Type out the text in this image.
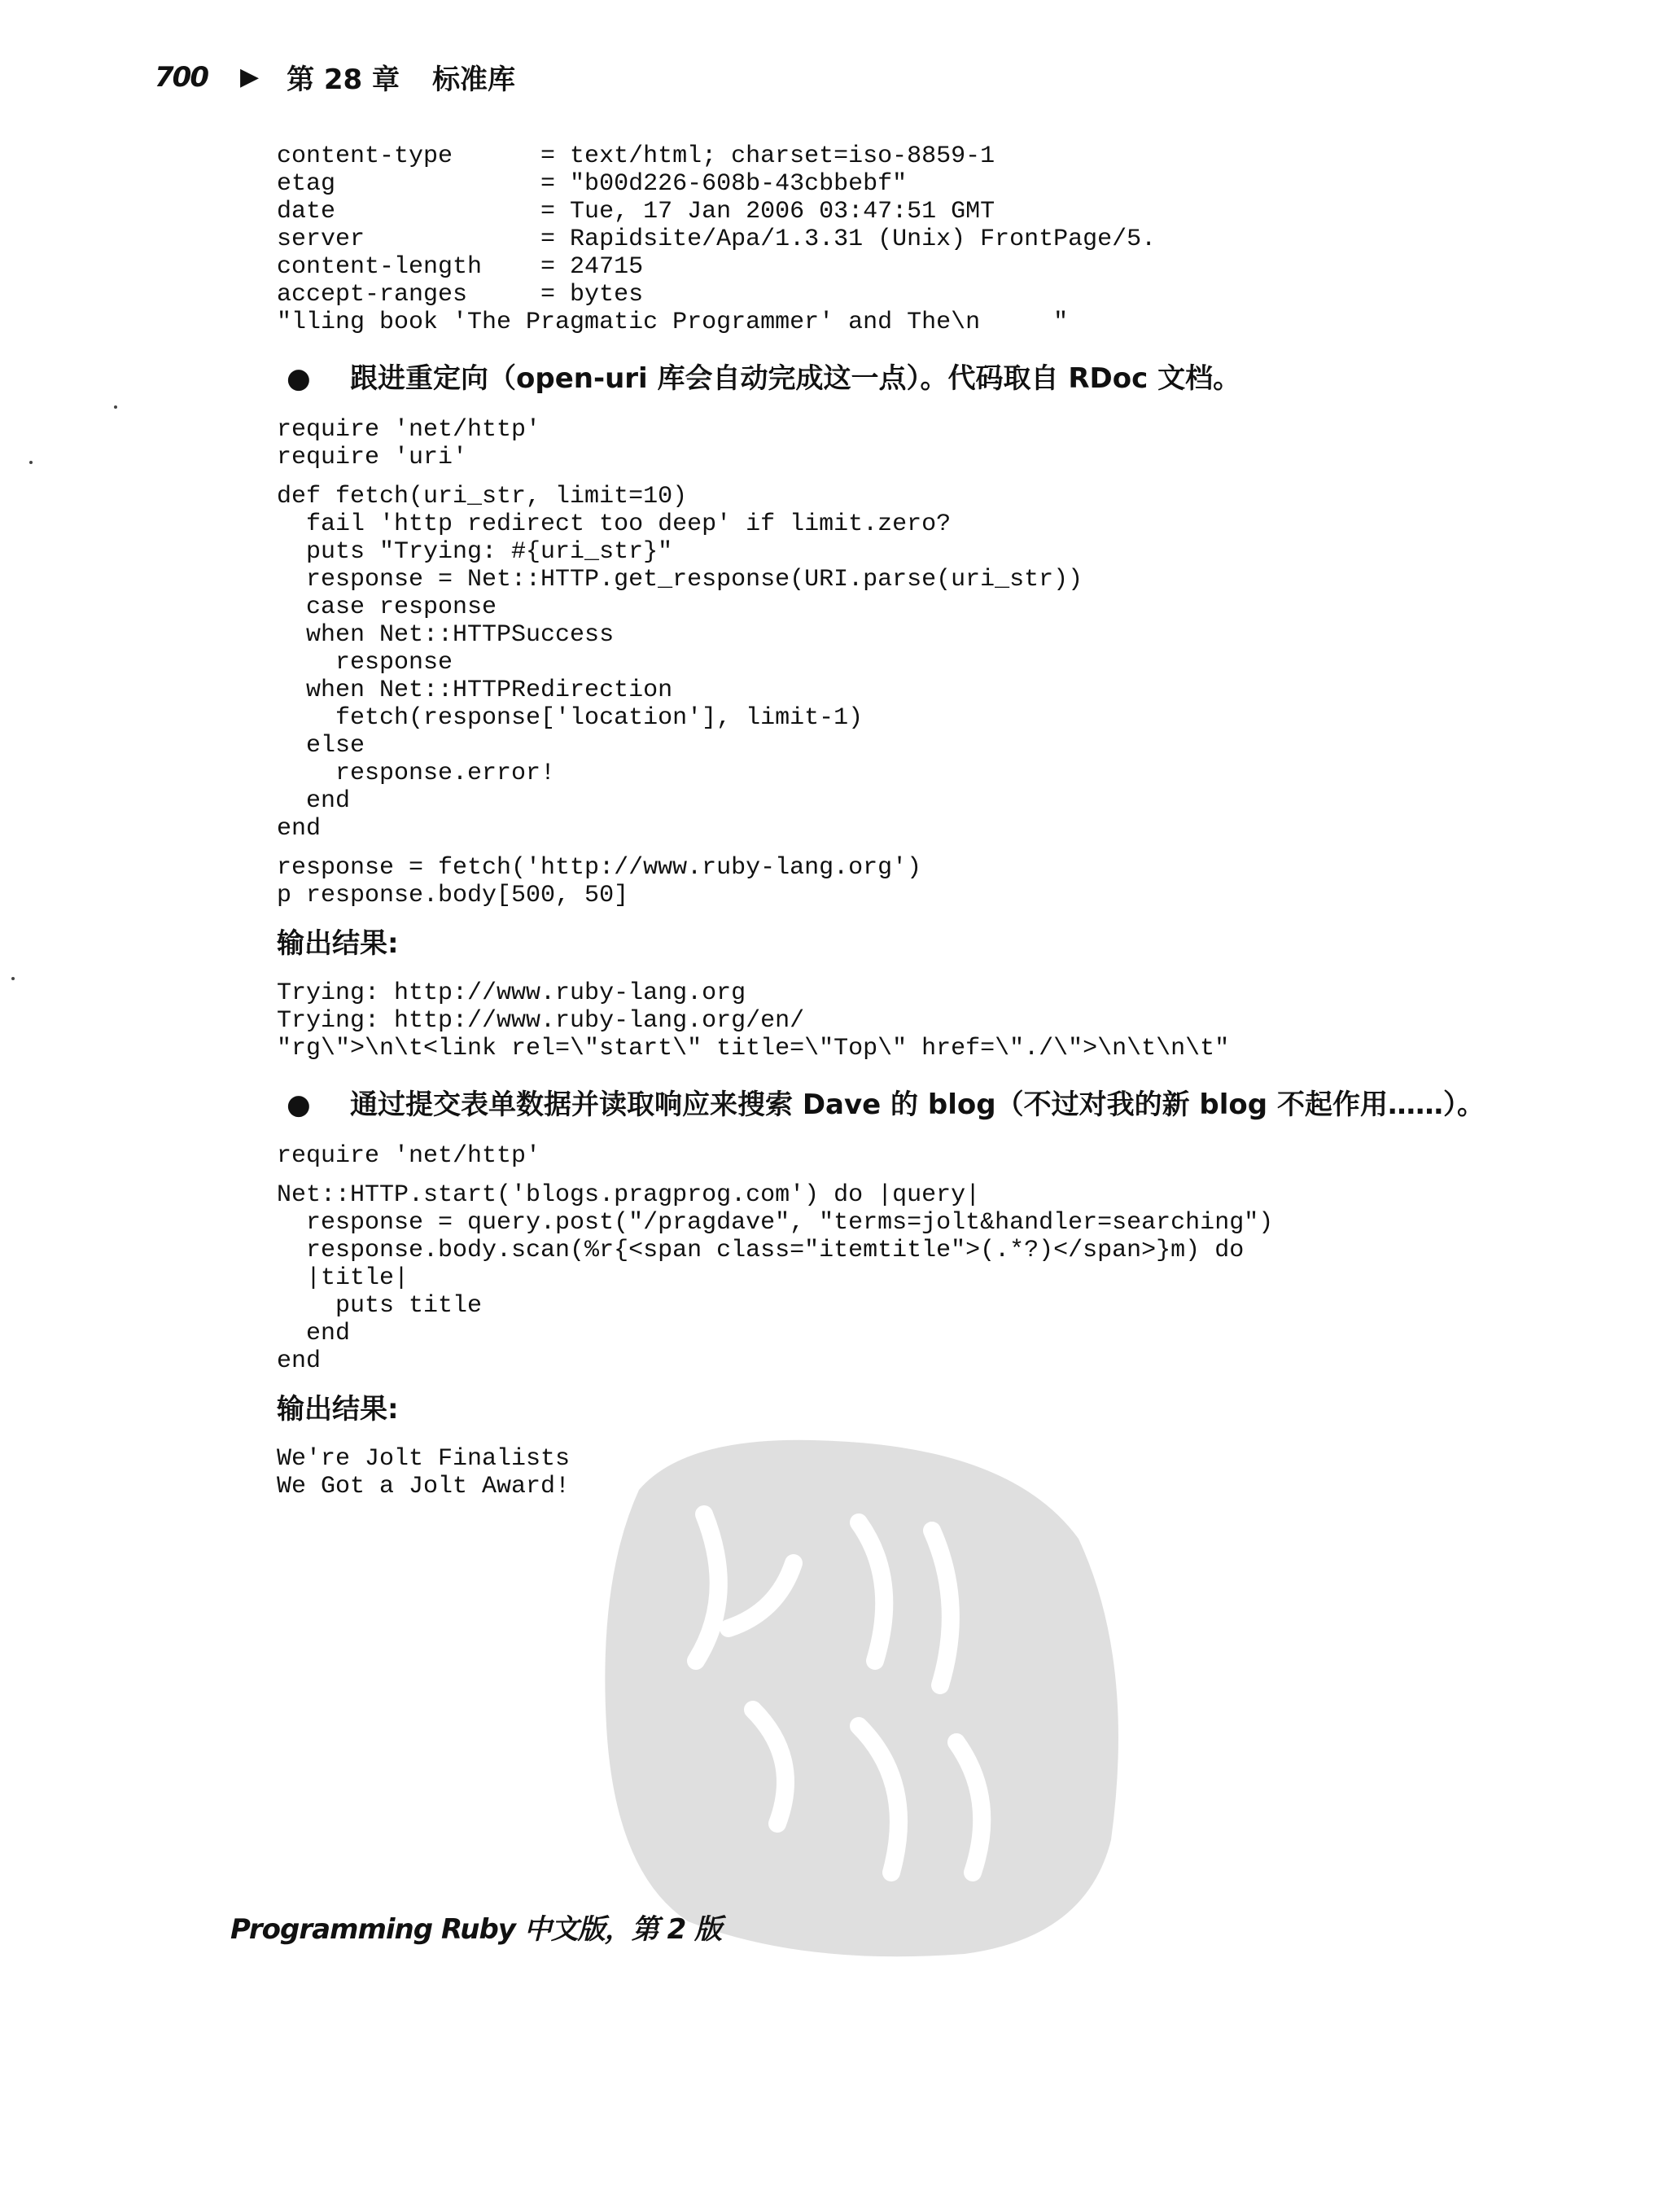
700 ▶ 第 28 章 标准库
content-type      = text/html; charset=iso-8859-1
etag              = "b00d226-608b-43cbbebf"
date              = Tue, 17 Jan 2006 03:47:51 GMT
server            = Rapidsite/Apa/1.3.31 (Unix) FrontPage/5.
content-length    = 24715
accept-ranges     = bytes
"lling book 'The Pragmatic Programmer' and The\n     "
● 跟进重定向（open-uri 库会自动完成这一点）。代码取自 RDoc 文档。
require 'net/http'
require 'uri'
def fetch(uri_str, limit=10)
fail 'http redirect too deep' if limit.zero?
puts "Trying: #{uri_str}"
response = Net::HTTP.get_response(URI.parse(uri_str))
case response
when Net::HTTPSuccess
response
when Net::HTTPRedirection
fetch(response['location'], limit-1)
else
response.error!
end
end
response = fetch('http://www.ruby-lang.org')
p response.body[500, 50]
输出结果:
Trying: http://www.ruby-lang.org
Trying: http://www.ruby-lang.org/en/
"rg\">\n\t<link rel=\"start\" title=\"Top\" href=\"./\">\n\t\n\t"
● 通过提交表单数据并读取响应来搜索 Dave 的 blog（不过对我的新 blog 不起作用……）。
require 'net/http'
Net::HTTP.start('blogs.pragprog.com') do |query|
response = query.post("/pragdave", "terms=jolt&handler=searching")
response.body.scan(%r{<span class="itemtitle">(.*?)</span>}m) do
|title|
puts title
end
end
输出结果:
We're Jolt Finalists
We Got a Jolt Award!
Programming Ruby 中文版，第 2 版
